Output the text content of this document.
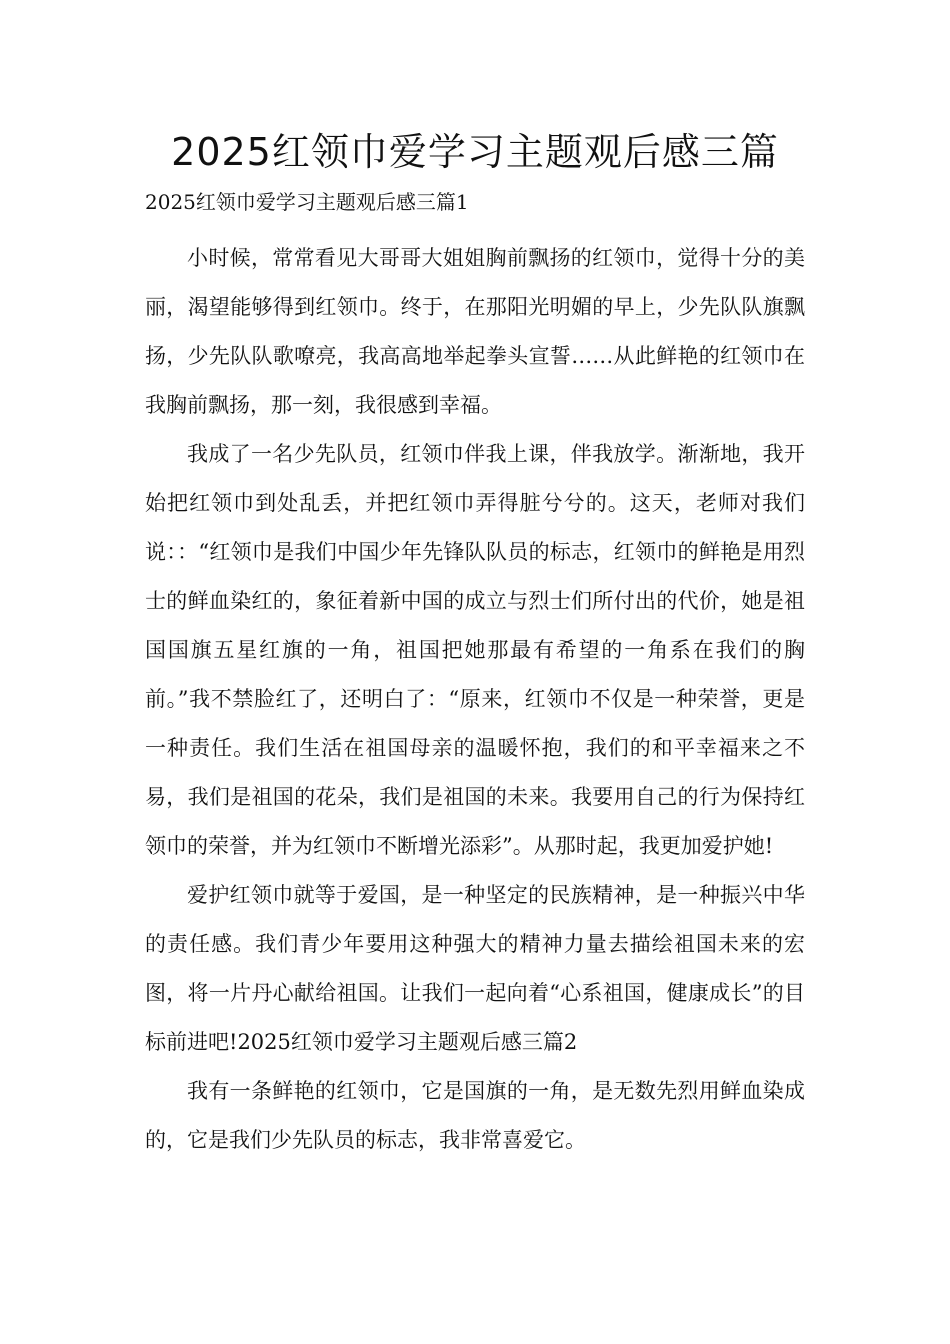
2025红领巾爱学习主题观后感三篇
2025红领巾爱学习主题观后感三篇1

小时候，常常看见大哥哥大姐姐胸前飘扬的红领巾，觉得十分的美丽，渴望能够得到红领巾。终于，在那阳光明媚的早上，少先队队旗飘扬，少先队队歌嘹亮，我高高地举起拳头宣誓……从此鲜艳的红领巾在我胸前飘扬，那一刻，我很感到幸福。

我成了一名少先队员，红领巾伴我上课，伴我放学。渐渐地，我开始把红领巾到处乱丢，并把红领巾弄得脏兮兮的。这天，老师对我们说：：“红领巾是我们中国少年先锋队队员的标志，红领巾的鲜艳是用烈士的鲜血染红的，象征着新中国的成立与烈士们所付出的代价，她是祖国国旗五星红旗的一角，祖国把她那最有希望的一角系在我们的胸前。”我不禁脸红了，还明白了：“原来，红领巾不仅是一种荣誉，更是一种责任。我们生活在祖国母亲的温暖怀抱，我们的和平幸福来之不易，我们是祖国的花朵，我们是祖国的未来。我要用自己的行为保持红领巾的荣誉，并为红领巾不断增光添彩”。从那时起，我更加爱护她!

爱护红领巾就等于爱国，是一种坚定的民族精神，是一种振兴中华的责任感。我们青少年要用这种强大的精神力量去描绘祖国未来的宏图，将一片丹心献给祖国。让我们一起向着“心系祖国，健康成长”的目标前进吧!2025红领巾爱学习主题观后感三篇2

我有一条鲜艳的红领巾，它是国旗的一角，是无数先烈用鲜血染成的，它是我们少先队员的标志，我非常喜爱它。
